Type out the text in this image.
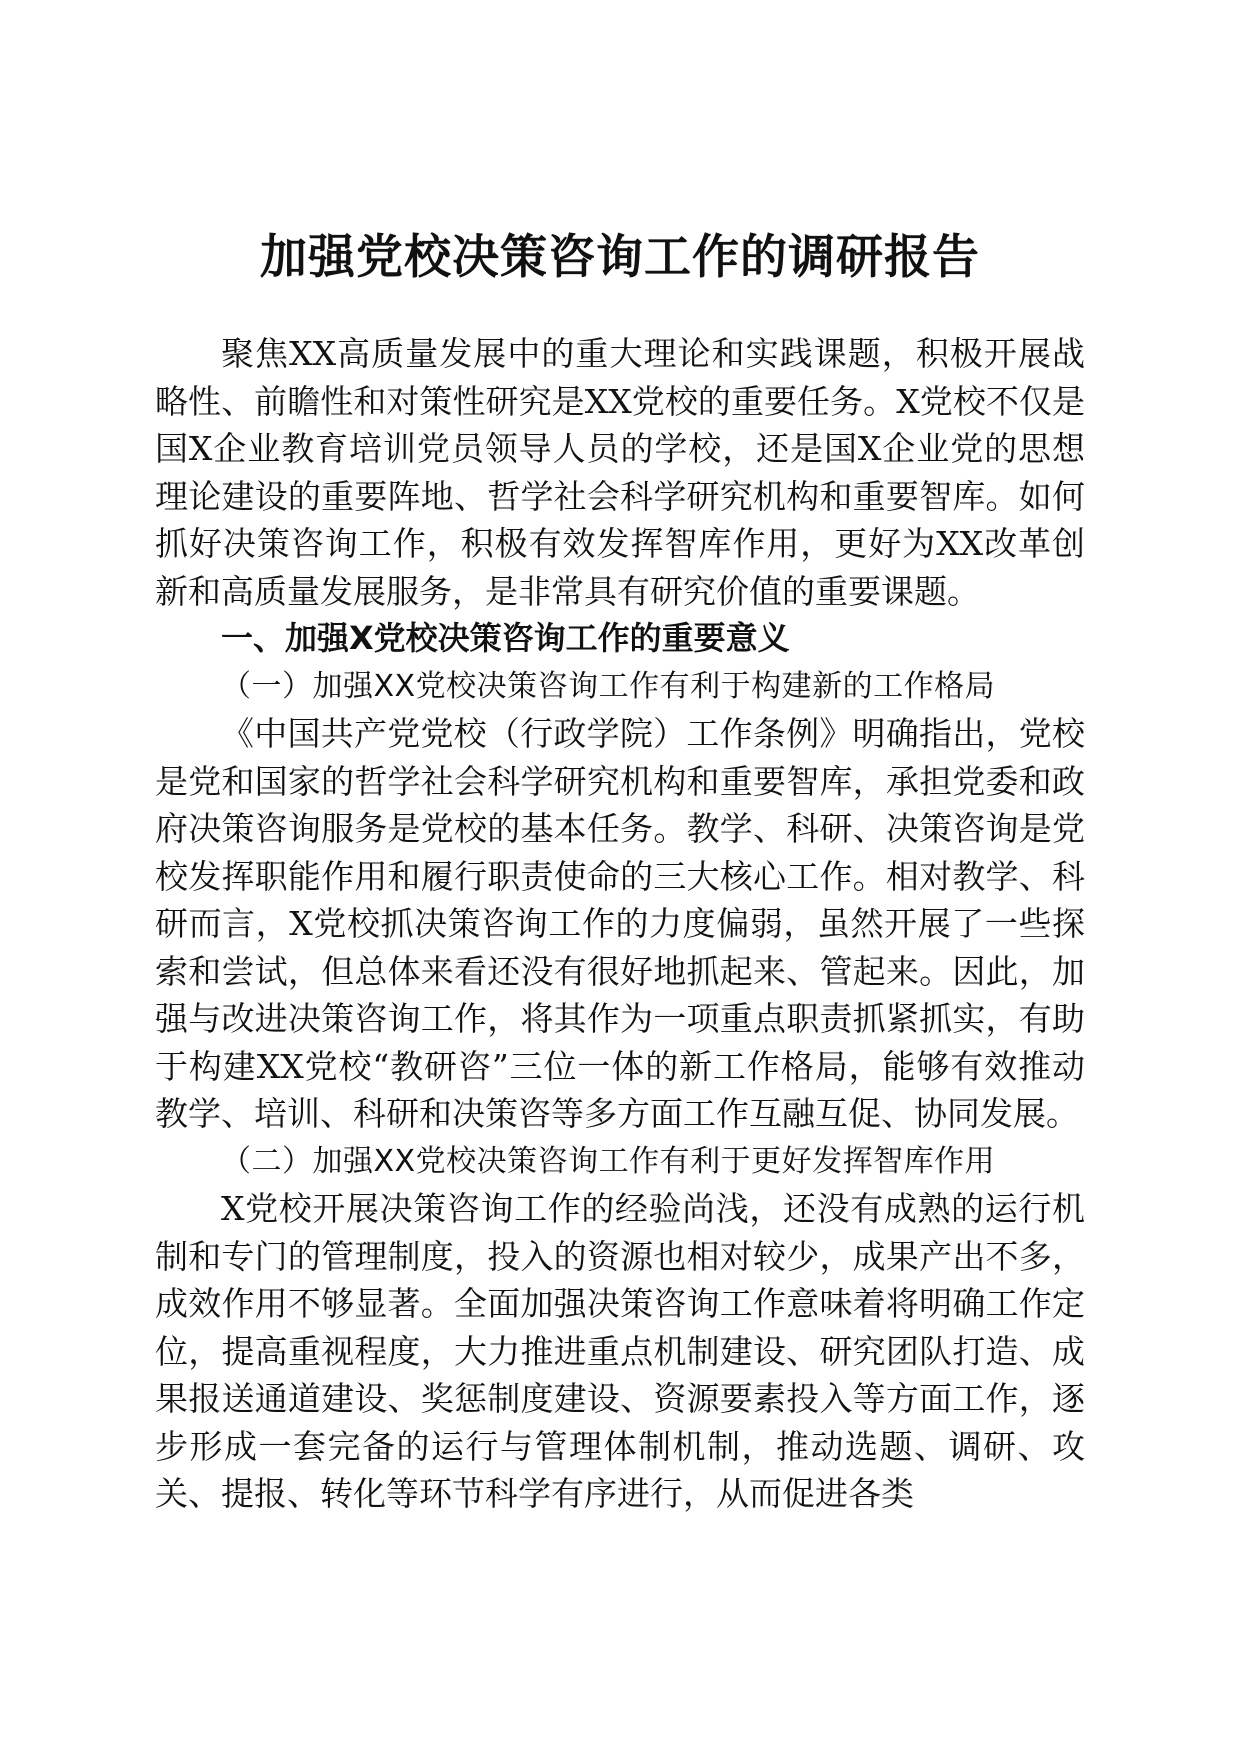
加强党校决策咨询工作的调研报告

聚焦XX高质量发展中的重大理论和实践课题，积极开展战略性、前瞻性和对策性研究是XX党校的重要任务。X党校不仅是国X企业教育培训党员领导人员的学校，还是国X企业党的思想理论建设的重要阵地、哲学社会科学研究机构和重要智库。如何抓好决策咨询工作，积极有效发挥智库作用，更好为XX改革创新和高质量发展服务，是非常具有研究价值的重要课题。

一、加强X党校决策咨询工作的重要意义

（一）加强XX党校决策咨询工作有利于构建新的工作格局

《中国共产党党校（行政学院）工作条例》明确指出，党校是党和国家的哲学社会科学研究机构和重要智库，承担党委和政府决策咨询服务是党校的基本任务。教学、科研、决策咨询是党校发挥职能作用和履行职责使命的三大核心工作。相对教学、科研而言，X党校抓决策咨询工作的力度偏弱，虽然开展了一些探索和尝试，但总体来看还没有很好地抓起来、管起来。因此，加强与改进决策咨询工作，将其作为一项重点职责抓紧抓实，有助于构建XX党校“教研咨”三位一体的新工作格局，能够有效推动教学、培训、科研和决策咨等多方面工作互融互促、协同发展。

（二）加强XX党校决策咨询工作有利于更好发挥智库作用

X党校开展决策咨询工作的经验尚浅，还没有成熟的运行机制和专门的管理制度，投入的资源也相对较少，成果产出不多，成效作用不够显著。全面加强决策咨询工作意味着将明确工作定位，提高重视程度，大力推进重点机制建设、研究团队打造、成果报送通道建设、奖惩制度建设、资源要素投入等方面工作，逐步形成一套完备的运行与管理体制机制，推动选题、调研、攻关、提报、转化等环节科学有序进行，从而促进各类
